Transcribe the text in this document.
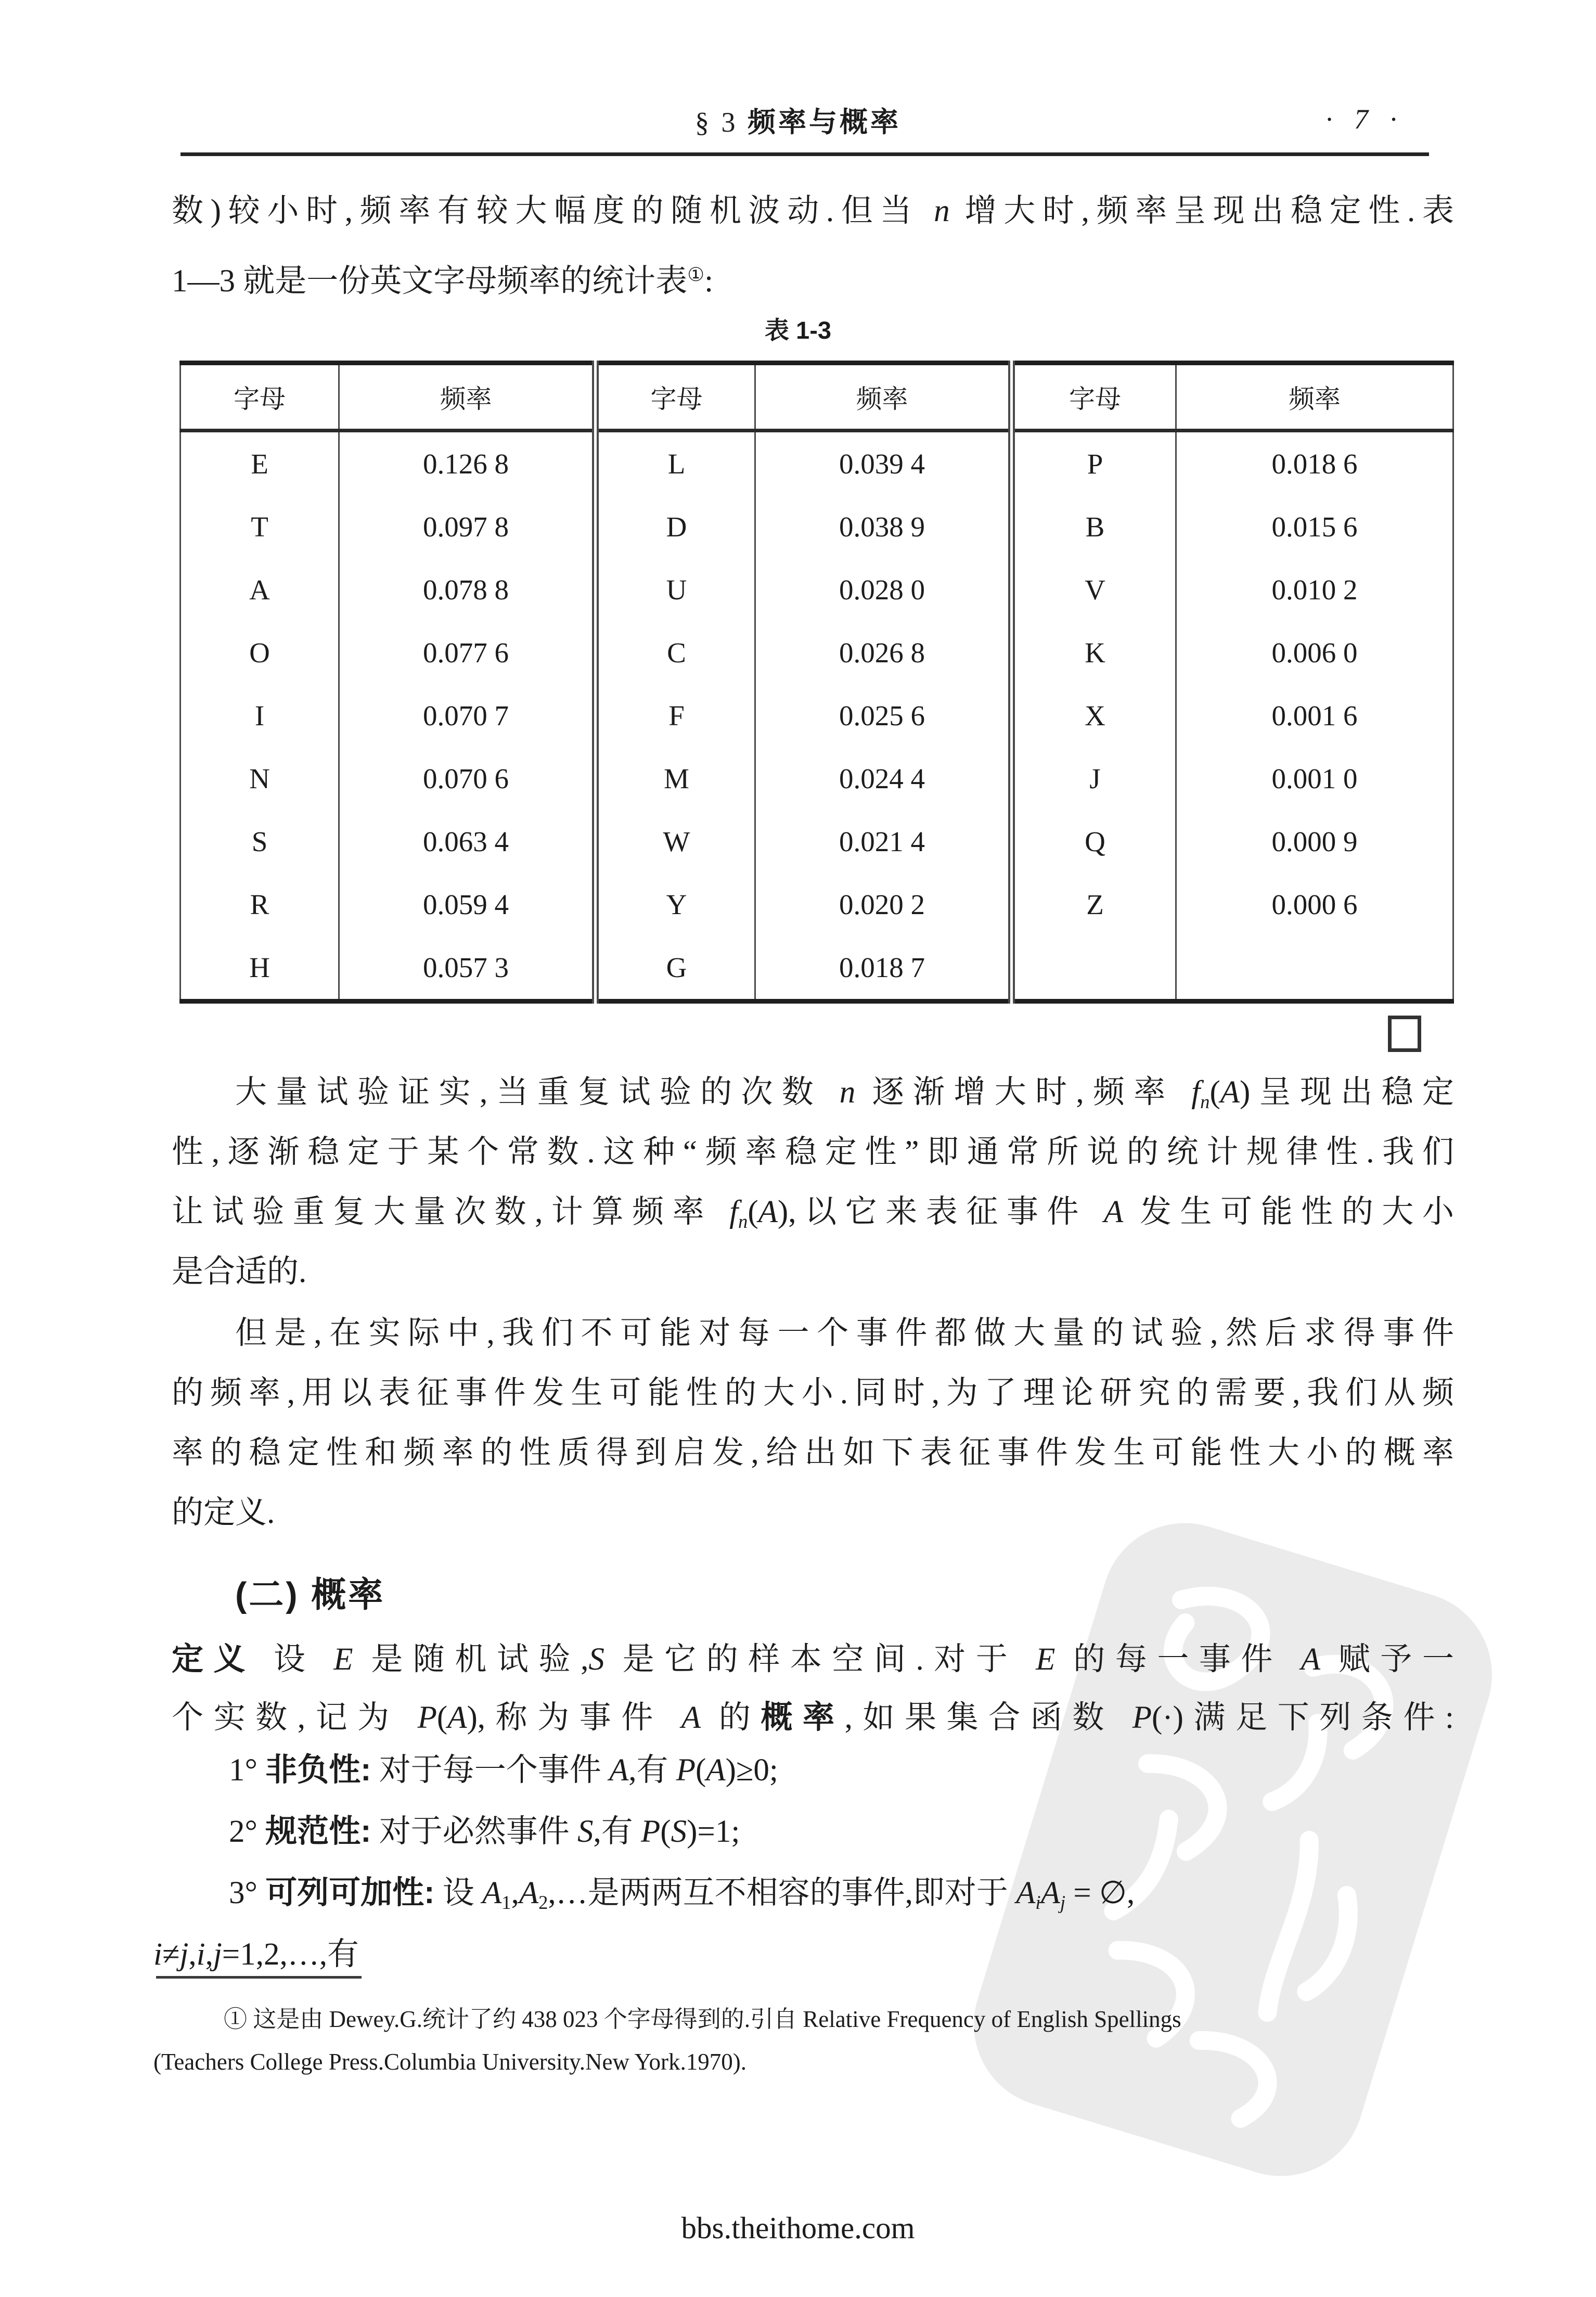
§ 3 频率与概率	· 7 ·
数)较小时,频率有较大幅度的随机波动.但当 n 增大时,频率呈现出稳定性.表
1—3 就是一份英文字母频率的统计表①:
表 1-3
字母	频率	字母	频率	字母	频率
E	0.126 8	L	0.039 4	P	0.018 6
T	0.097 8	D	0.038 9	B	0.015 6
A	0.078 8	U	0.028 0	V	0.010 2
O	0.077 6	C	0.026 8	K	0.006 0
I	0.070 7	F	0.025 6	X	0.001 6
N	0.070 6	M	0.024 4	J	0.001 0
S	0.063 4	W	0.021 4	Q	0.000 9
R	0.059 4	Y	0.020 2	Z	0.000 6
H	0.057 3	G	0.018 7		
大量试验证实,当重复试验的次数 n 逐渐增大时,频率 $f_n(A)$呈现出稳定
性,逐渐稳定于某个常数.这种“频率稳定性”即通常所说的统计规律性.我们
让试验重复大量次数,计算频率 $f_n(A)$,以它来表征事件 A 发生可能性的大小
是合适的.
但是,在实际中,我们不可能对每一个事件都做大量的试验,然后求得事件
的频率,用以表征事件发生可能性的大小.同时,为了理论研究的需要,我们从频
率的稳定性和频率的性质得到启发,给出如下表征事件发生可能性大小的概率
的定义.
(二) 概率
定义 设 E 是随机试验,S 是它的样本空间.对于 E 的每一事件 A 赋予一
个实数,记为 P(A),称为事件 A 的概率,如果集合函数 P(·)满足下列条件:
1° 非负性: 对于每一个事件 A,有 P(A)≥0;
2° 规范性: 对于必然事件 S,有 P(S)=1;
3° 可列可加性: 设 $A_1,A_2,\dots$是两两互不相容的事件,即对于 $A_iA_j$ = ∅,
i≠j,i,j=1,2,…,有
① 这是由 Dewey.G.统计了约 438 023 个字母得到的.引自 Relative Frequency of English Spellings
(Teachers College Press.Columbia University.New York.1970).
bbs.theithome.com
